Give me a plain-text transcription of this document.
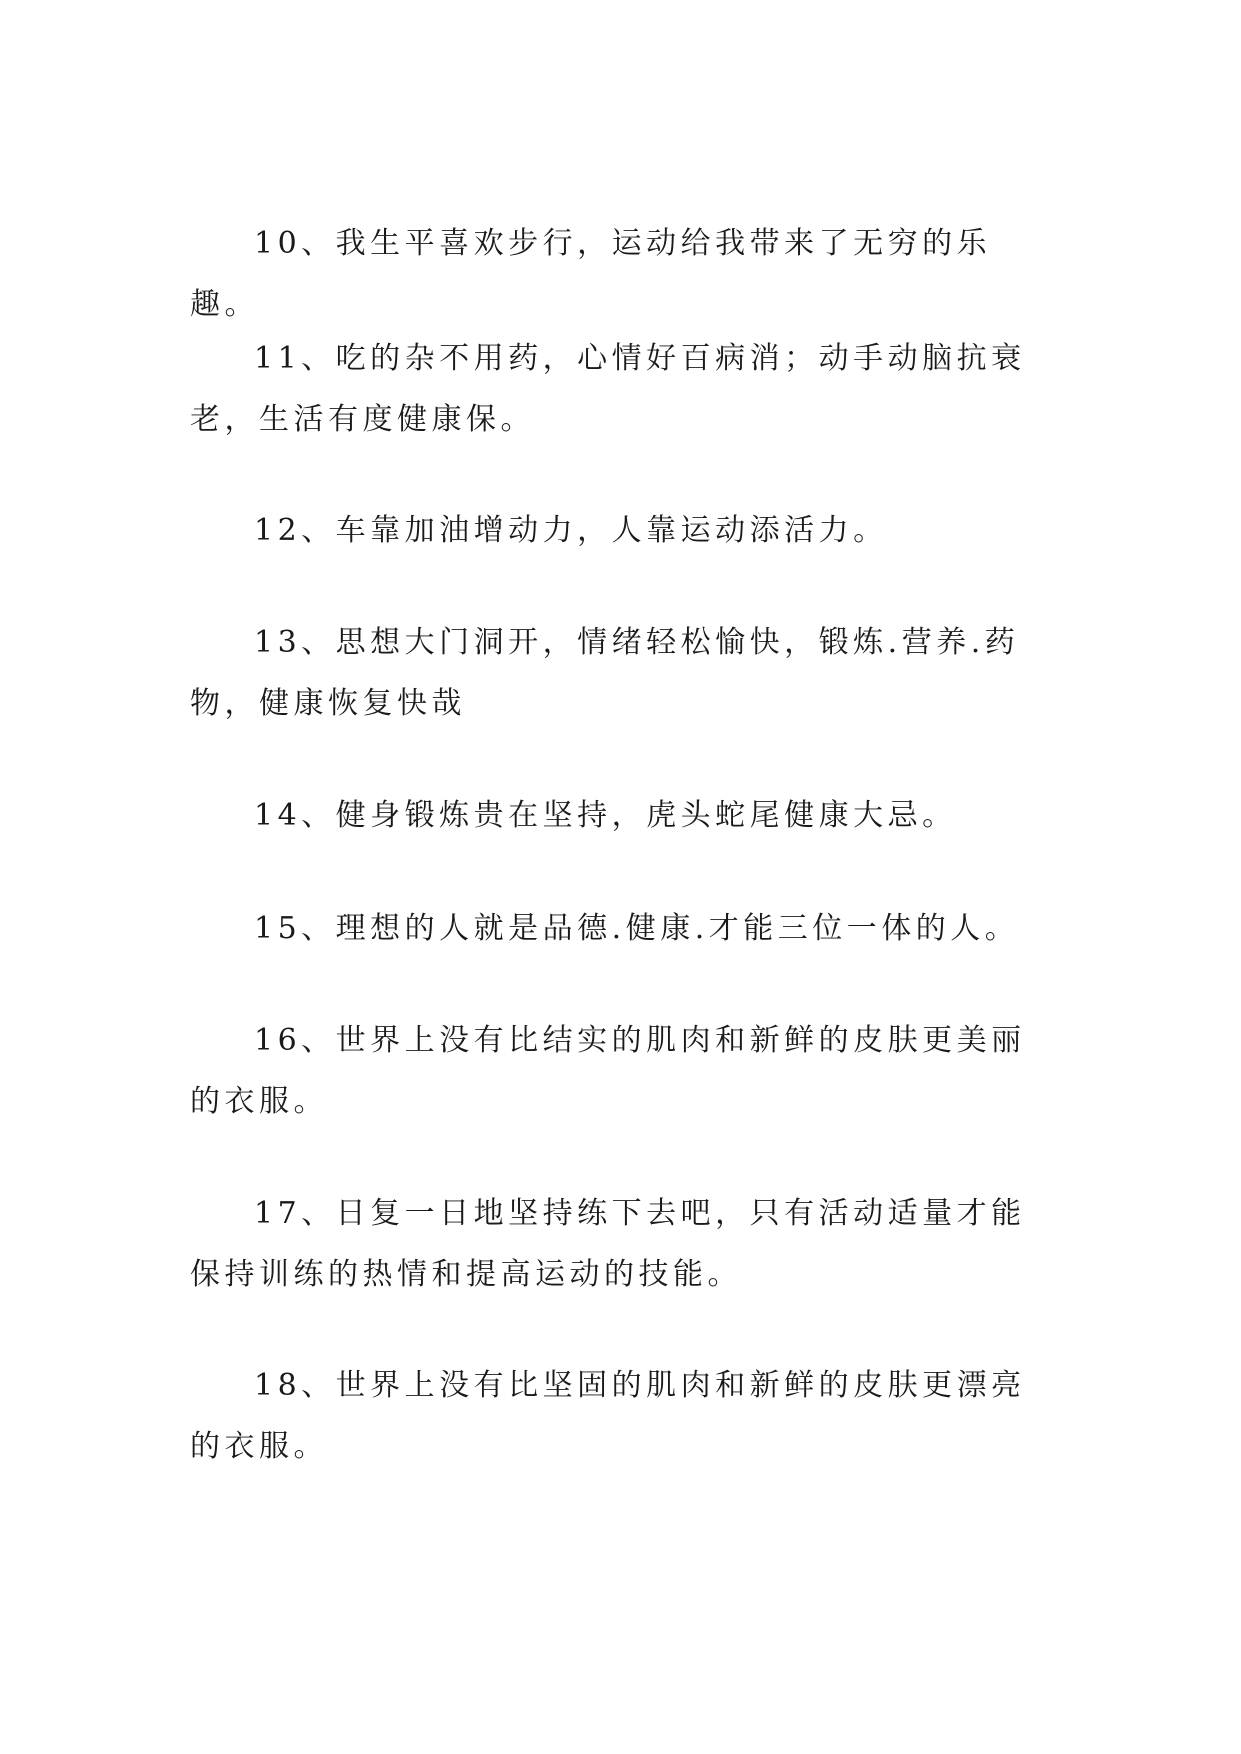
10、我生平喜欢步行，运动给我带来了无穷的乐趣。

11、吃的杂不用药，心情好百病消；动手动脑抗衰老，生活有度健康保。

12、车靠加油增动力，人靠运动添活力。

13、思想大门洞开，情绪轻松愉快，锻炼.营养.药物，健康恢复快哉

14、健身锻炼贵在坚持，虎头蛇尾健康大忌。

15、理想的人就是品德.健康.才能三位一体的人。

16、世界上没有比结实的肌肉和新鲜的皮肤更美丽的衣服。

17、日复一日地坚持练下去吧，只有活动适量才能保持训练的热情和提高运动的技能。

18、世界上没有比坚固的肌肉和新鲜的皮肤更漂亮的衣服。
